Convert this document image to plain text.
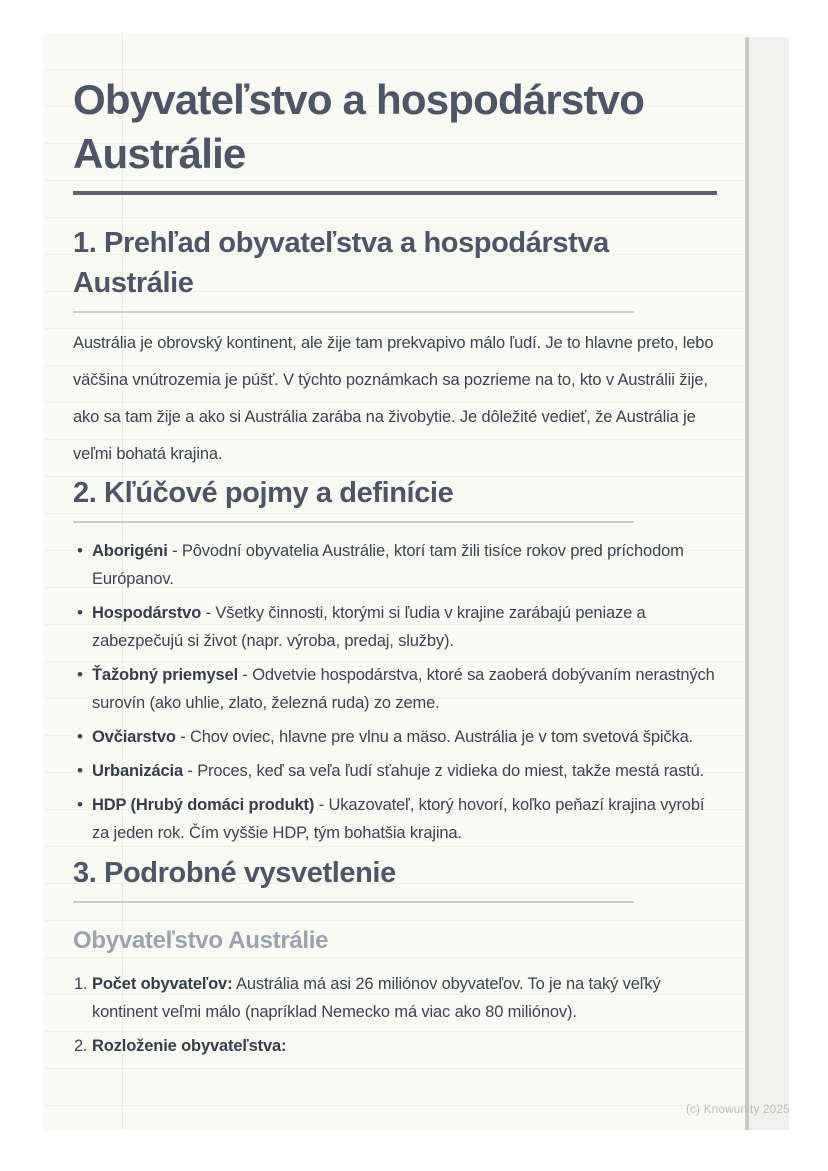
Obyvateľstvo a hospodárstvo Austrálie
1. Prehľad obyvateľstva a hospodárstva Austrálie

Austrália je obrovský kontinent, ale žije tam prekvapivo málo ľudí. Je to hlavne preto, lebo väčšina vnútrozemia je púšť. V týchto poznámkach sa pozrieme na to, kto v Austrálii žije, ako sa tam žije a ako si Austrália zarába na živobytie. Je dôležité vedieť, že Austrália je veľmi bohatá krajina.

2. Kľúčové pojmy a definície
• Aborigéni - Pôvodní obyvatelia Austrálie, ktorí tam žili tisíce rokov pred príchodom Európanov.
• Hospodárstvo - Všetky činnosti, ktorými si ľudia v krajine zarábajú peniaze a zabezpečujú si život (napr. výroba, predaj, služby).
• Ťažobný priemysel - Odvetvie hospodárstva, ktoré sa zaoberá dobývaním nerastných surovín (ako uhlie, zlato, železná ruda) zo zeme.
• Ovčiarstvo - Chov oviec, hlavne pre vlnu a mäso. Austrália je v tom svetová špička.
• Urbanizácia - Proces, keď sa veľa ľudí sťahuje z vidieka do miest, takže mestá rastú.
• HDP (Hrubý domáci produkt) - Ukazovateľ, ktorý hovorí, koľko peňazí krajina vyrobí za jeden rok. Čím vyššie HDP, tým bohatšia krajina.
3. Podrobné vysvetlenie
Obyvateľstvo Austrálie
Počet obyvateľov: Austrália má asi 26 miliónov obyvateľov. To je na taký veľký kontinent veľmi málo (napríklad Nemecko má viac ako 80 miliónov).
Rozloženie obyvateľstva:
(c) Knowunity 2025
